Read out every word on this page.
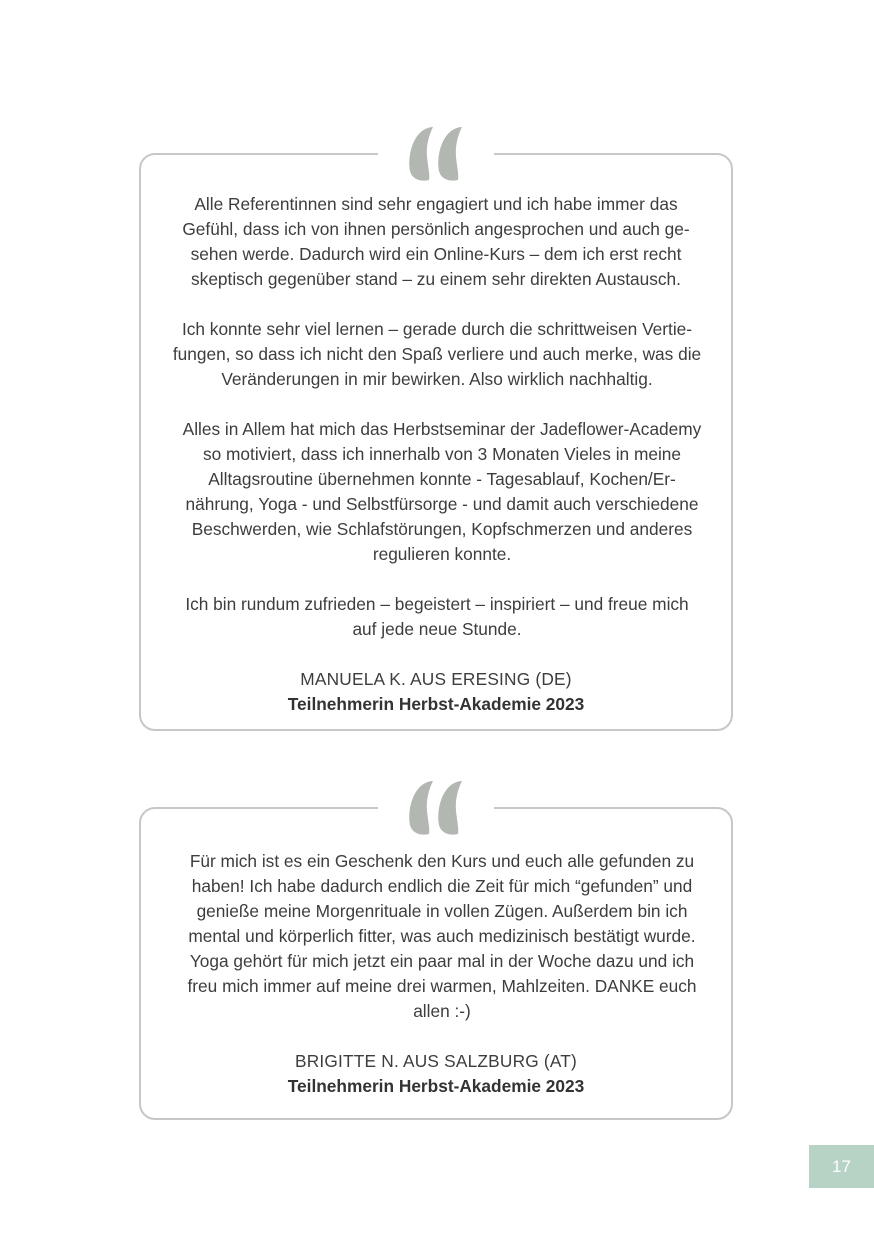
Alle Referentinnen sind sehr engagiert und ich habe immer das
Gefühl, dass ich von ihnen persönlich angesprochen und auch ge-
sehen werde. Dadurch wird ein Online-Kurs – dem ich erst recht
skeptisch gegenüber stand – zu einem sehr direkten Austausch.

Ich konnte sehr viel lernen – gerade durch die schrittweisen Vertie-
fungen, so dass ich nicht den Spaß verliere und auch merke, was die
Veränderungen in mir bewirken. Also wirklich nachhaltig.

Alles in Allem hat mich das Herbstseminar der Jadeflower-Academy
so motiviert, dass ich innerhalb von 3 Monaten Vieles in meine
Alltagsroutine übernehmen konnte - Tagesablauf, Kochen/Er-
nährung, Yoga - und Selbstfürsorge - und damit auch verschiedene
Beschwerden, wie Schlafstörungen, Kopfschmerzen und anderes
regulieren konnte.

Ich bin rundum zufrieden – begeistert – inspiriert – und freue mich
auf jede neue Stunde.

MANUELA K. AUS ERESING (DE)

Teilnehmerin Herbst-Akademie 2023

Für mich ist es ein Geschenk den Kurs und euch alle gefunden zu
haben! Ich habe dadurch endlich die Zeit für mich “gefunden” und
genieße meine Morgenrituale in vollen Zügen. Außerdem bin ich
mental und körperlich fitter, was auch medizinisch bestätigt wurde.
Yoga gehört für mich jetzt ein paar mal in der Woche dazu und ich
freu mich immer auf meine drei warmen, Mahlzeiten. DANKE euch
allen :-)

BRIGITTE N. AUS SALZBURG (AT)

Teilnehmerin Herbst-Akademie 2023

17
